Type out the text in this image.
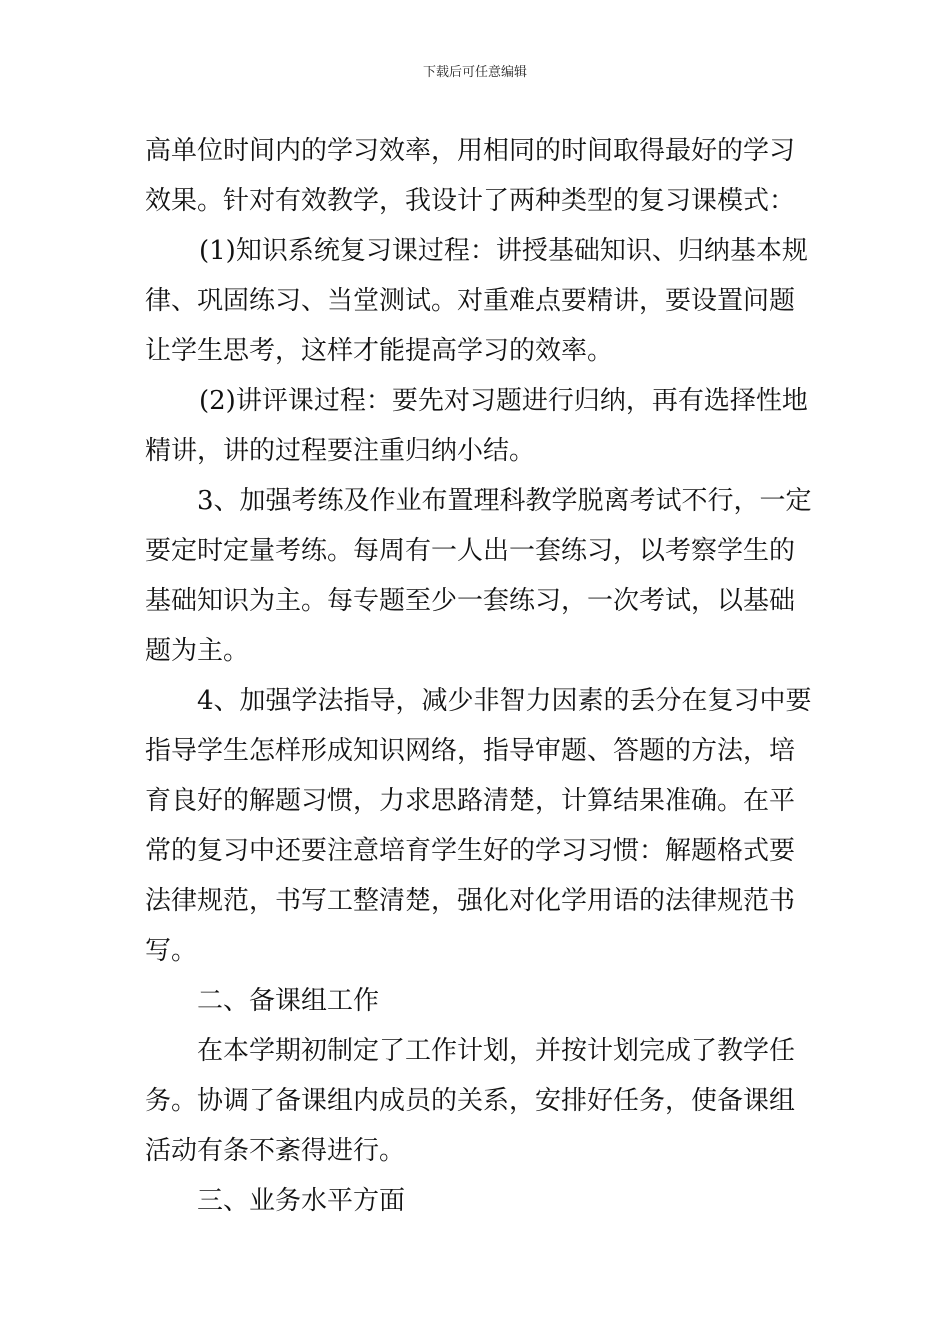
下载后可任意编辑
高单位时间内的学习效率，用相同的时间取得最好的学习
效果。针对有效教学，我设计了两种类型的复习课模式：
(1)知识系统复习课过程：讲授基础知识、归纳基本规
律、巩固练习、当堂测试。对重难点要精讲，要设置问题
让学生思考，这样才能提高学习的效率。
(2)讲评课过程：要先对习题进行归纳，再有选择性地
精讲，讲的过程要注重归纳小结。
3、加强考练及作业布置理科教学脱离考试不行，一定
要定时定量考练。每周有一人出一套练习，以考察学生的
基础知识为主。每专题至少一套练习，一次考试，以基础
题为主。
4、加强学法指导，减少非智力因素的丢分在复习中要
指导学生怎样形成知识网络，指导审题、答题的方法，培
育良好的解题习惯，力求思路清楚，计算结果准确。在平
常的复习中还要注意培育学生好的学习习惯：解题格式要
法律规范，书写工整清楚，强化对化学用语的法律规范书
写。
二、备课组工作
在本学期初制定了工作计划，并按计划完成了教学任
务。协调了备课组内成员的关系，安排好任务，使备课组
活动有条不紊得进行。
三、业务水平方面
